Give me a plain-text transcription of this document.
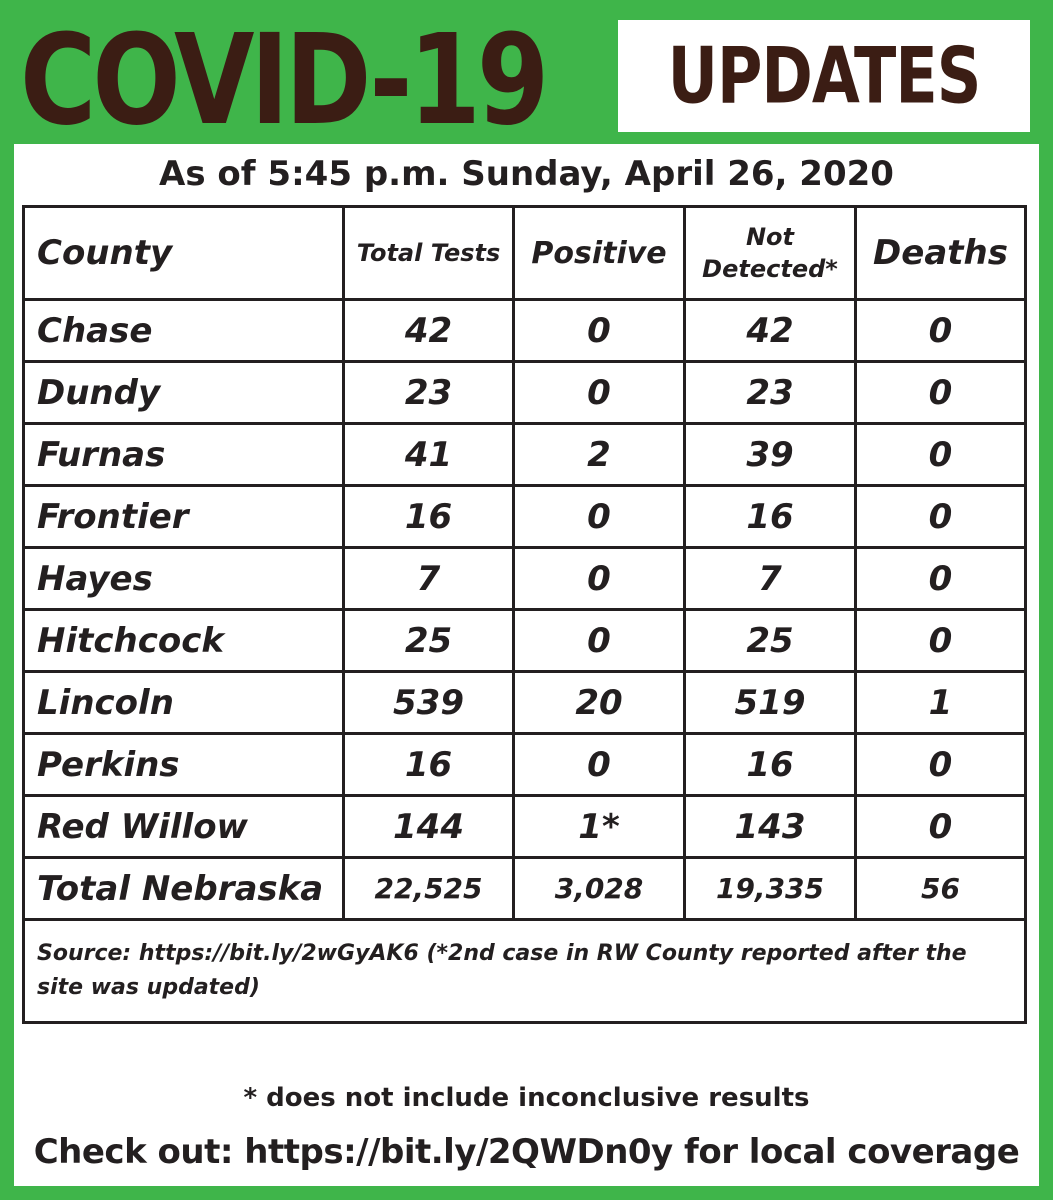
COVID-19	UPDATES
As of 5:45 p.m. Sunday, April 26, 2020
County	Total Tests	Positive	Not Detected*	Deaths
Chase	42	0	42	0
Dundy	23	0	23	0
Furnas	41	2	39	0
Frontier	16	0	16	0
Hayes	7	0	7	0
Hitchcock	25	0	25	0
Lincoln	539	20	519	1
Perkins	16	0	16	0
Red Willow	144	1*	143	0
Total Nebraska	22,525	3,028	19,335	56
Source: https://bit.ly/2wGyAK6 (*2nd case in RW County reported after the site was updated)				
* does not include inconclusive results
Check out: https://bit.ly/2QWDn0y for local coverage
